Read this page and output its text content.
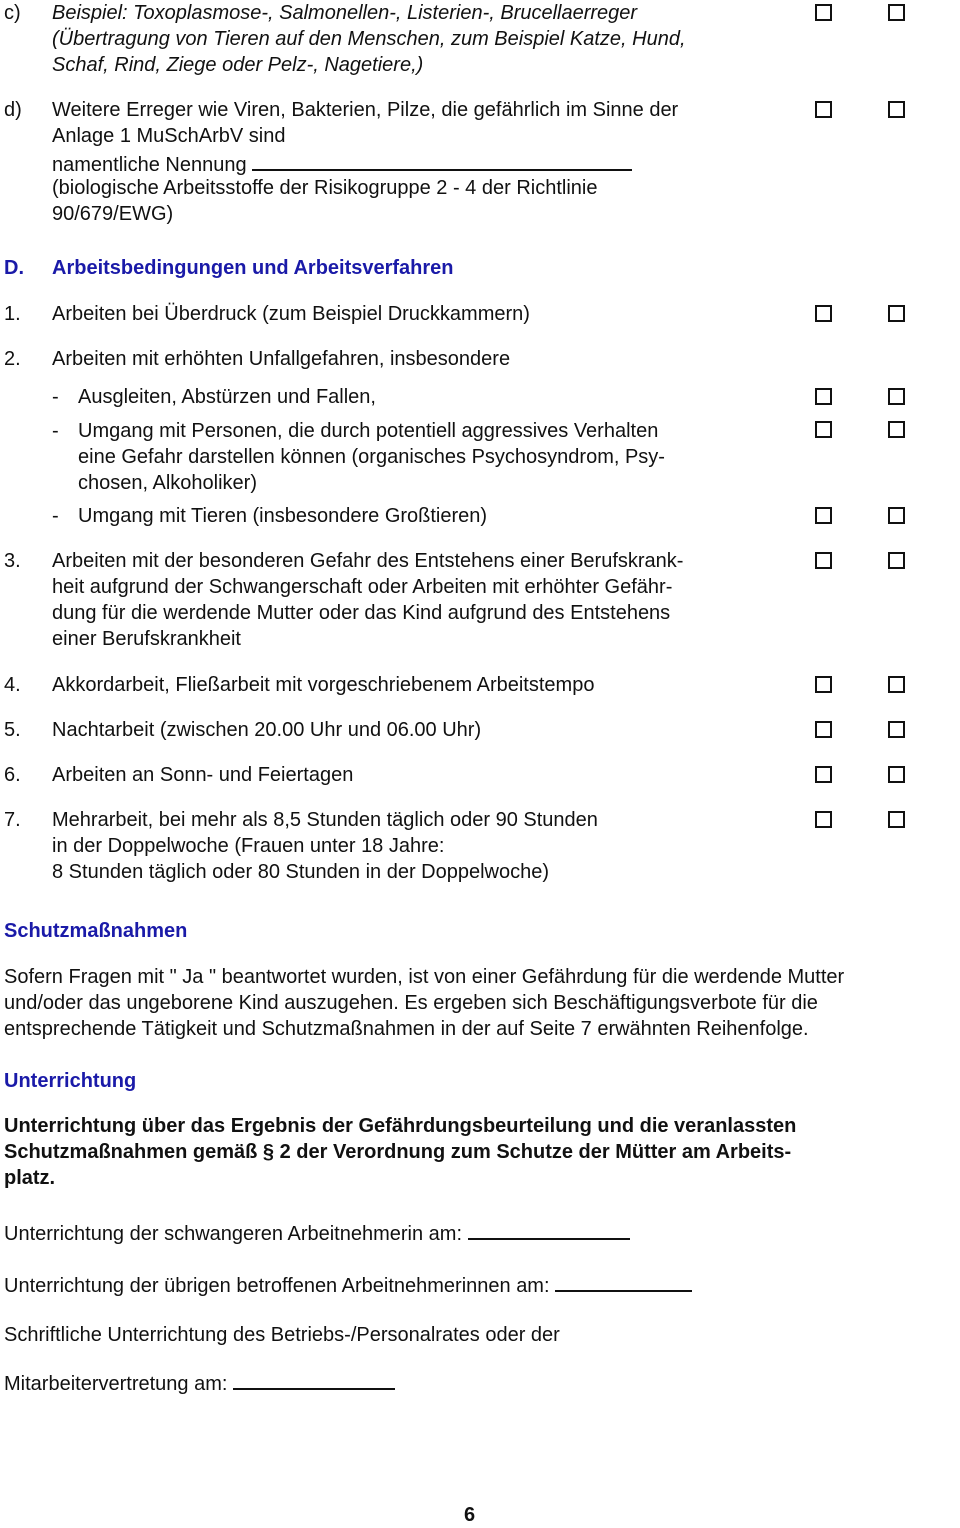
c) Beispiel: Toxoplasmose-, Salmonellen-, Listerien-, Brucellaerreger
(Übertragung von Tieren auf den Menschen, zum Beispiel Katze, Hund,
Schaf, Rind, Ziege oder Pelz-, Nagetiere,)
d) Weitere Erreger wie Viren, Bakterien, Pilze, die gefährlich im Sinne der
Anlage 1 MuSchArbV sind
namentliche Nennung
(biologische Arbeitsstoffe der Risikogruppe 2 - 4 der Richtlinie
90/679/EWG)
D. Arbeitsbedingungen und Arbeitsverfahren
1. Arbeiten bei Überdruck (zum Beispiel Druckkammern)
2. Arbeiten mit erhöhten Unfallgefahren, insbesondere
- Ausgleiten, Abstürzen und Fallen,
- Umgang mit Personen, die durch potentiell aggressives Verhalten
eine Gefahr darstellen können (organisches Psychosyndrom, Psy-
chosen, Alkoholiker)
- Umgang mit Tieren (insbesondere Großtieren)
3. Arbeiten mit der besonderen Gefahr des Entstehens einer Berufskrank-
heit aufgrund der Schwangerschaft oder Arbeiten mit erhöhter Gefähr-
dung für die werdende Mutter oder das Kind aufgrund des Entstehens
einer Berufskrankheit
4. Akkordarbeit, Fließarbeit mit vorgeschriebenem Arbeitstempo
5. Nachtarbeit (zwischen 20.00 Uhr und 06.00 Uhr)
6. Arbeiten an Sonn- und Feiertagen
7. Mehrarbeit, bei mehr als 8,5 Stunden täglich oder 90 Stunden
in der Doppelwoche (Frauen unter 18 Jahre:
8 Stunden täglich oder 80 Stunden in der Doppelwoche)
Schutzmaßnahmen
Sofern Fragen mit " Ja " beantwortet wurden, ist von einer Gefährdung für die werdende Mutter
und/oder das ungeborene Kind auszugehen. Es ergeben sich Beschäftigungsverbote für die
entsprechende Tätigkeit und Schutzmaßnahmen in der auf Seite 7 erwähnten Reihenfolge.
Unterrichtung
Unterrichtung über das Ergebnis der Gefährdungsbeurteilung und die veranlassten
Schutzmaßnahmen gemäß § 2 der Verordnung zum Schutze der Mütter am Arbeits-
platz.
Unterrichtung der schwangeren Arbeitnehmerin am:
Unterrichtung der übrigen betroffenen Arbeitnehmerinnen am:
Schriftliche Unterrichtung des Betriebs-/Personalrates oder der
Mitarbeitervertretung am:
6
